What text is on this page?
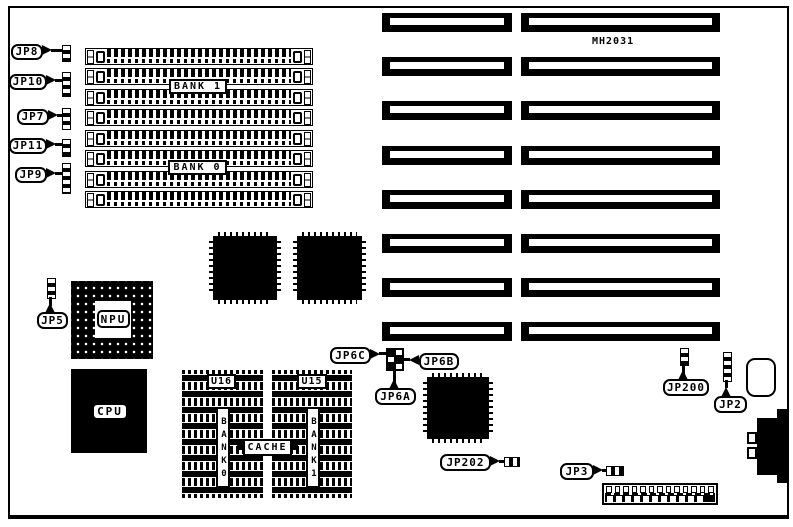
JP8
JP10
JP7
JP11
JP9
BANK 1
BANK 0
MH2031
NPU
JP5
CPU
U16	U15
BANK0	BANK1
CACHE
JP6C	JP6B
JP6A
JP202
JP3
JP200
JP2
